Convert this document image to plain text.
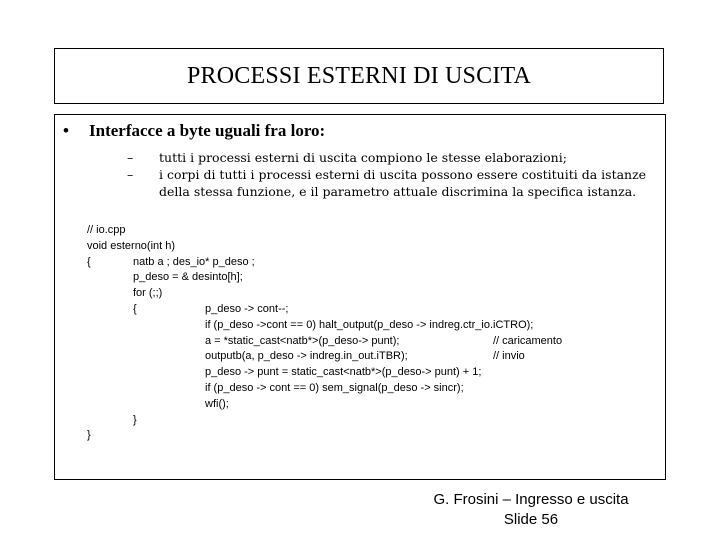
PROCESSI ESTERNI DI USCITA
• Interfacce a byte uguali fra loro:
–	tutti i processi esterni di uscita compiono le stesse elaborazioni;
–	i corpi di tutti i processi esterni di uscita possono essere costituiti da istanze della stessa funzione, e il parametro attuale discrimina la specifica istanza.
// io.cpp
void esterno(int h)
{	natb a ; des_io* p_deso ;
p_deso = & desinto[h];
for (;;)
{	p_deso -> cont--;
if (p_deso ->cont == 0) halt_output(p_deso -> indreg.ctr_io.iCTRO);
a = *static_cast<natb*>(p_deso-> punt);	// caricamento
outputb(a, p_deso -> indreg.in_out.iTBR);	// invio
p_deso -> punt = static_cast<natb*>(p_deso-> punt) + 1;
if (p_deso -> cont == 0) sem_signal(p_deso -> sincr);
wfi();
}
}
G. Frosini – Ingresso e uscita
Slide 56
